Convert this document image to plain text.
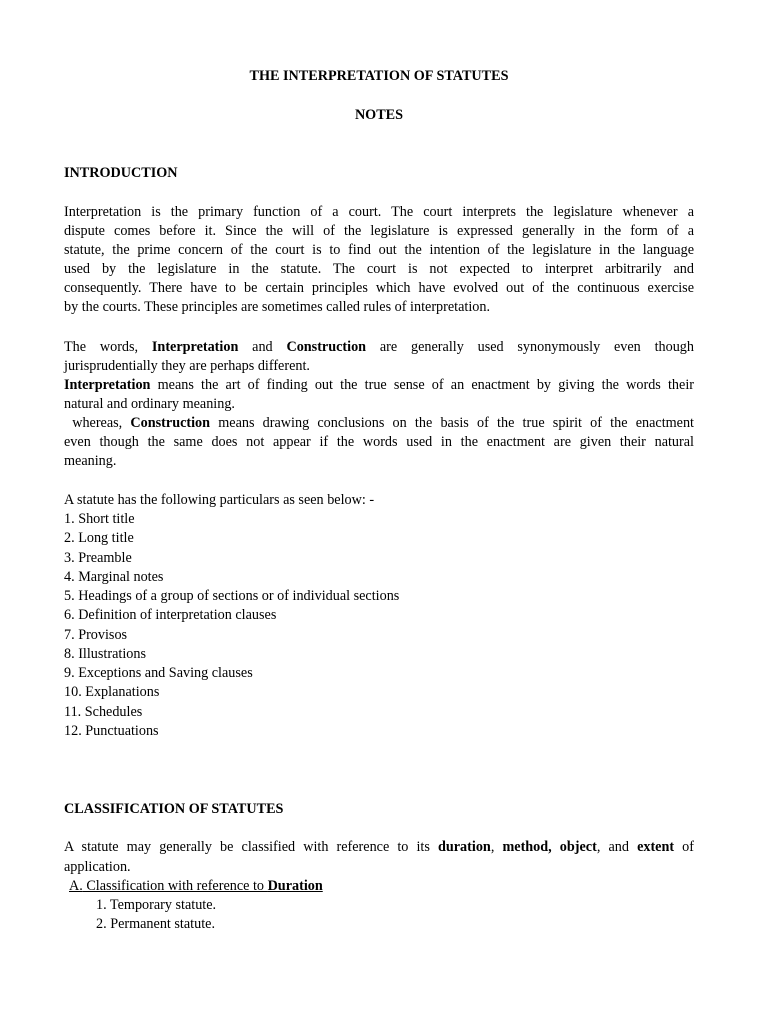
THE INTERPRETATION OF STATUTES
NOTES
INTRODUCTION
Interpretation is the primary function of a court. The court interprets the legislature whenever a
dispute comes before it. Since the will of the legislature is expressed generally in the form of a
statute, the prime concern of the court is to find out the intention of the legislature in the language
used by the legislature in the statute. The court is not expected to interpret arbitrarily and
consequently. There have to be certain principles which have evolved out of the continuous exercise
by the courts. These principles are sometimes called rules of interpretation.
The words, Interpretation and Construction are generally used synonymously even though
jurisprudentially they are perhaps different.
Interpretation means the art of finding out the true sense of an enactment by giving the words their
natural and ordinary meaning.
whereas, Construction means drawing conclusions on the basis of the true spirit of the enactment
even though the same does not appear if the words used in the enactment are given their natural
meaning.
A statute has the following particulars as seen below: -
1. Short title
2. Long title
3. Preamble
4. Marginal notes
5. Headings of a group of sections or of individual sections
6. Definition of interpretation clauses
7. Provisos
8. Illustrations
9. Exceptions and Saving clauses
10. Explanations
11. Schedules
12. Punctuations
CLASSIFICATION OF STATUTES
A statute may generally be classified with reference to its duration, method, object, and extent of
application.
A. Classification with reference to Duration
1. Temporary statute.
2. Permanent statute.
